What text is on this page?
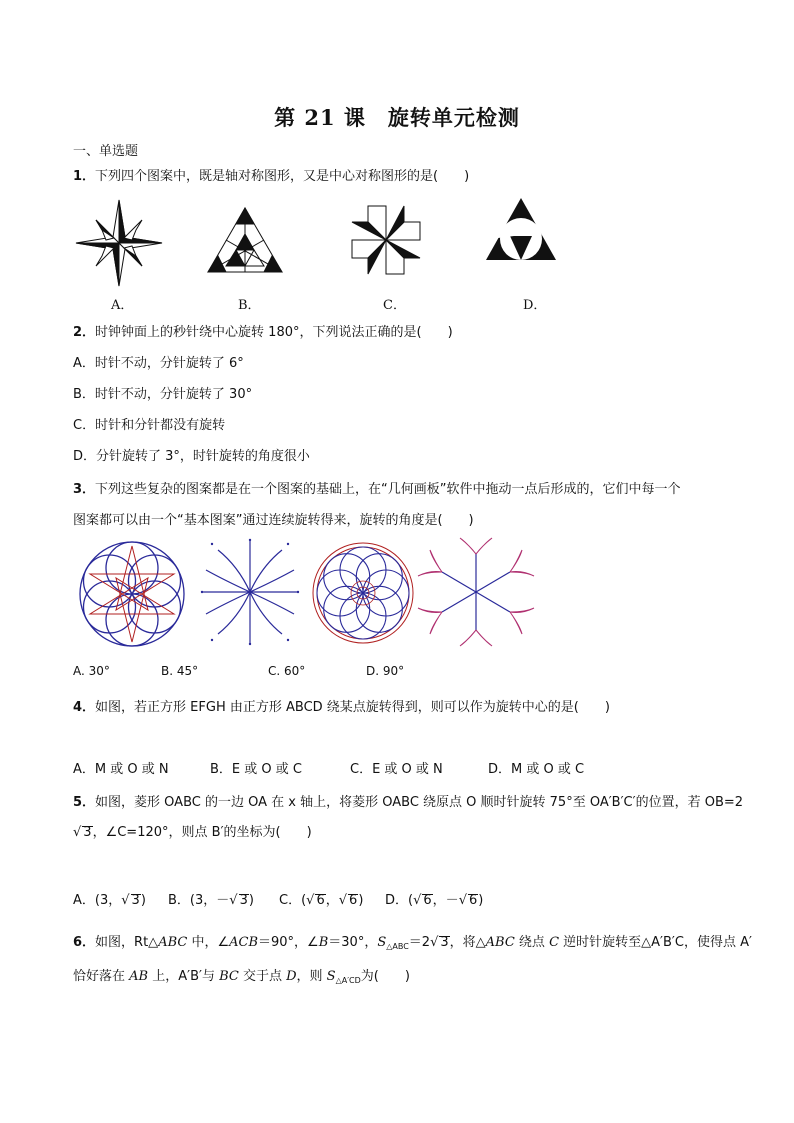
第 21 课　旋转单元检测
一、单选题
1．下列四个图案中，既是轴对称图形，又是中心对称图形的是(　　)
A．	B．	C．	D．
2．时钟钟面上的秒针绕中心旋转 180°，下列说法正确的是(　　)
A．时针不动，分针旋转了 6°
B．时针不动，分针旋转了 30°
C．时针和分针都没有旋转
D．分针旋转了 3°，时针旋转的角度很小
3．下列这些复杂的图案都是在一个图案的基础上，在“几何画板”软件中拖动一点后形成的，它们中每一个
图案都可以由一个“基本图案”通过连续旋转得来，旋转的角度是(　　)
A. 30°	B. 45°	C. 60°	D. 90°
4．如图，若正方形 EFGH 由正方形 ABCD 绕某点旋转得到，则可以作为旋转中心的是(　　)
A．M 或 O 或 N	B．E 或 O 或 C	C．E 或 O 或 N	D．M 或 O 或 C
5．如图，菱形 OABC 的一边 OA 在 x 轴上，将菱形 OABC 绕原点 O 顺时针旋转 75°至 OA′B′C′的位置，若 OB=2
√ 3，∠C=120°，则点 B′的坐标为(　　)
A．(3，√ 3) B．(3，－√ 3) C．(√ 6，√ 6) D．(√ 6，－√ 6)
6．如图，Rt△ABC 中，∠ACB＝90°，∠B＝30°，$S_{\triangle ABC}=2√$ 3，将△ABC 绕点 C 逆时针旋转至△A′B′C，使得点 A′
恰好落在 AB 上，A′B′与 BC 交于点 D，则 $S_{\triangle A'CD}$为(　　)
